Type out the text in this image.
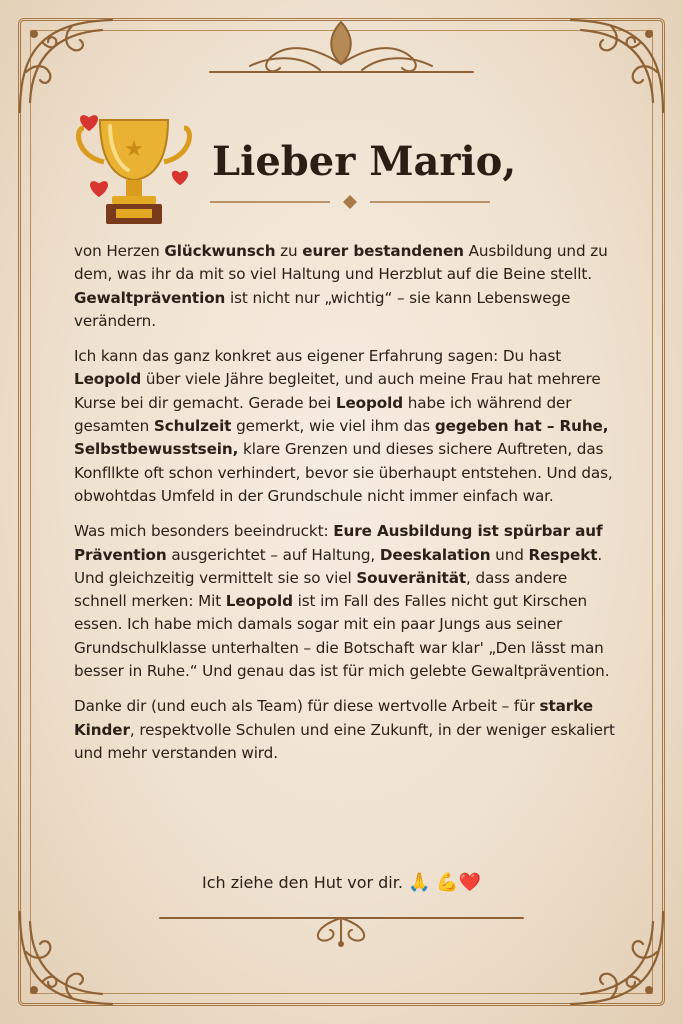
★ Lieber Mario,

von Herzen Glückwunsch zu eurer bestandenen Ausbildung und zu dem, was ihr da mit so viel Haltung und Herzblut auf die Beine stellt. Gewaltprävention ist nicht nur „wichtig“ – sie kann Lebenswege verändern.

Ich kann das ganz konkret aus eigener Erfahrung sagen: Du hast Leopold über viele Jähre begleitet, und auch meine Frau hat mehrere Kurse bei dir gemacht. Gerade bei Leopold habe ich während der gesamten Schulzeit gemerkt, wie viel ihm das gegeben hat – Ruhe, Selbstbewusstsein, klare Grenzen und dieses sichere Auftreten, das Konfllkte oft schon verhindert, bevor sie überhaupt entstehen. Und das, obwohtdas Umfeld in der Grundschule nicht immer einfach war.

Was mich besonders beeindruckt: Eure Ausbildung ist spürbar auf Prävention ausgerichtet – auf Haltung, Deeskalation und Respekt. Und gleichzeitig vermittelt sie so viel Souveränität, dass andere schnell merken: Mit Leopold ist im Fall des Falles nicht gut Kirschen essen. Ich habe mich damals sogar mit ein paar Jungs aus seiner Grundschulklasse unterhalten – die Botschaft war klar' „Den lässt man besser in Ruhe.“ Und genau das ist für mich gelebte Gewaltprävention.

Danke dir (und euch als Team) für diese wertvolle Arbeit – für starke Kinder, respektvolle Schulen und eine Zukunft, in der weniger eskaliert und mehr verstanden wird.

Ich ziehe den Hut vor dir. 🙏 💪❤️
